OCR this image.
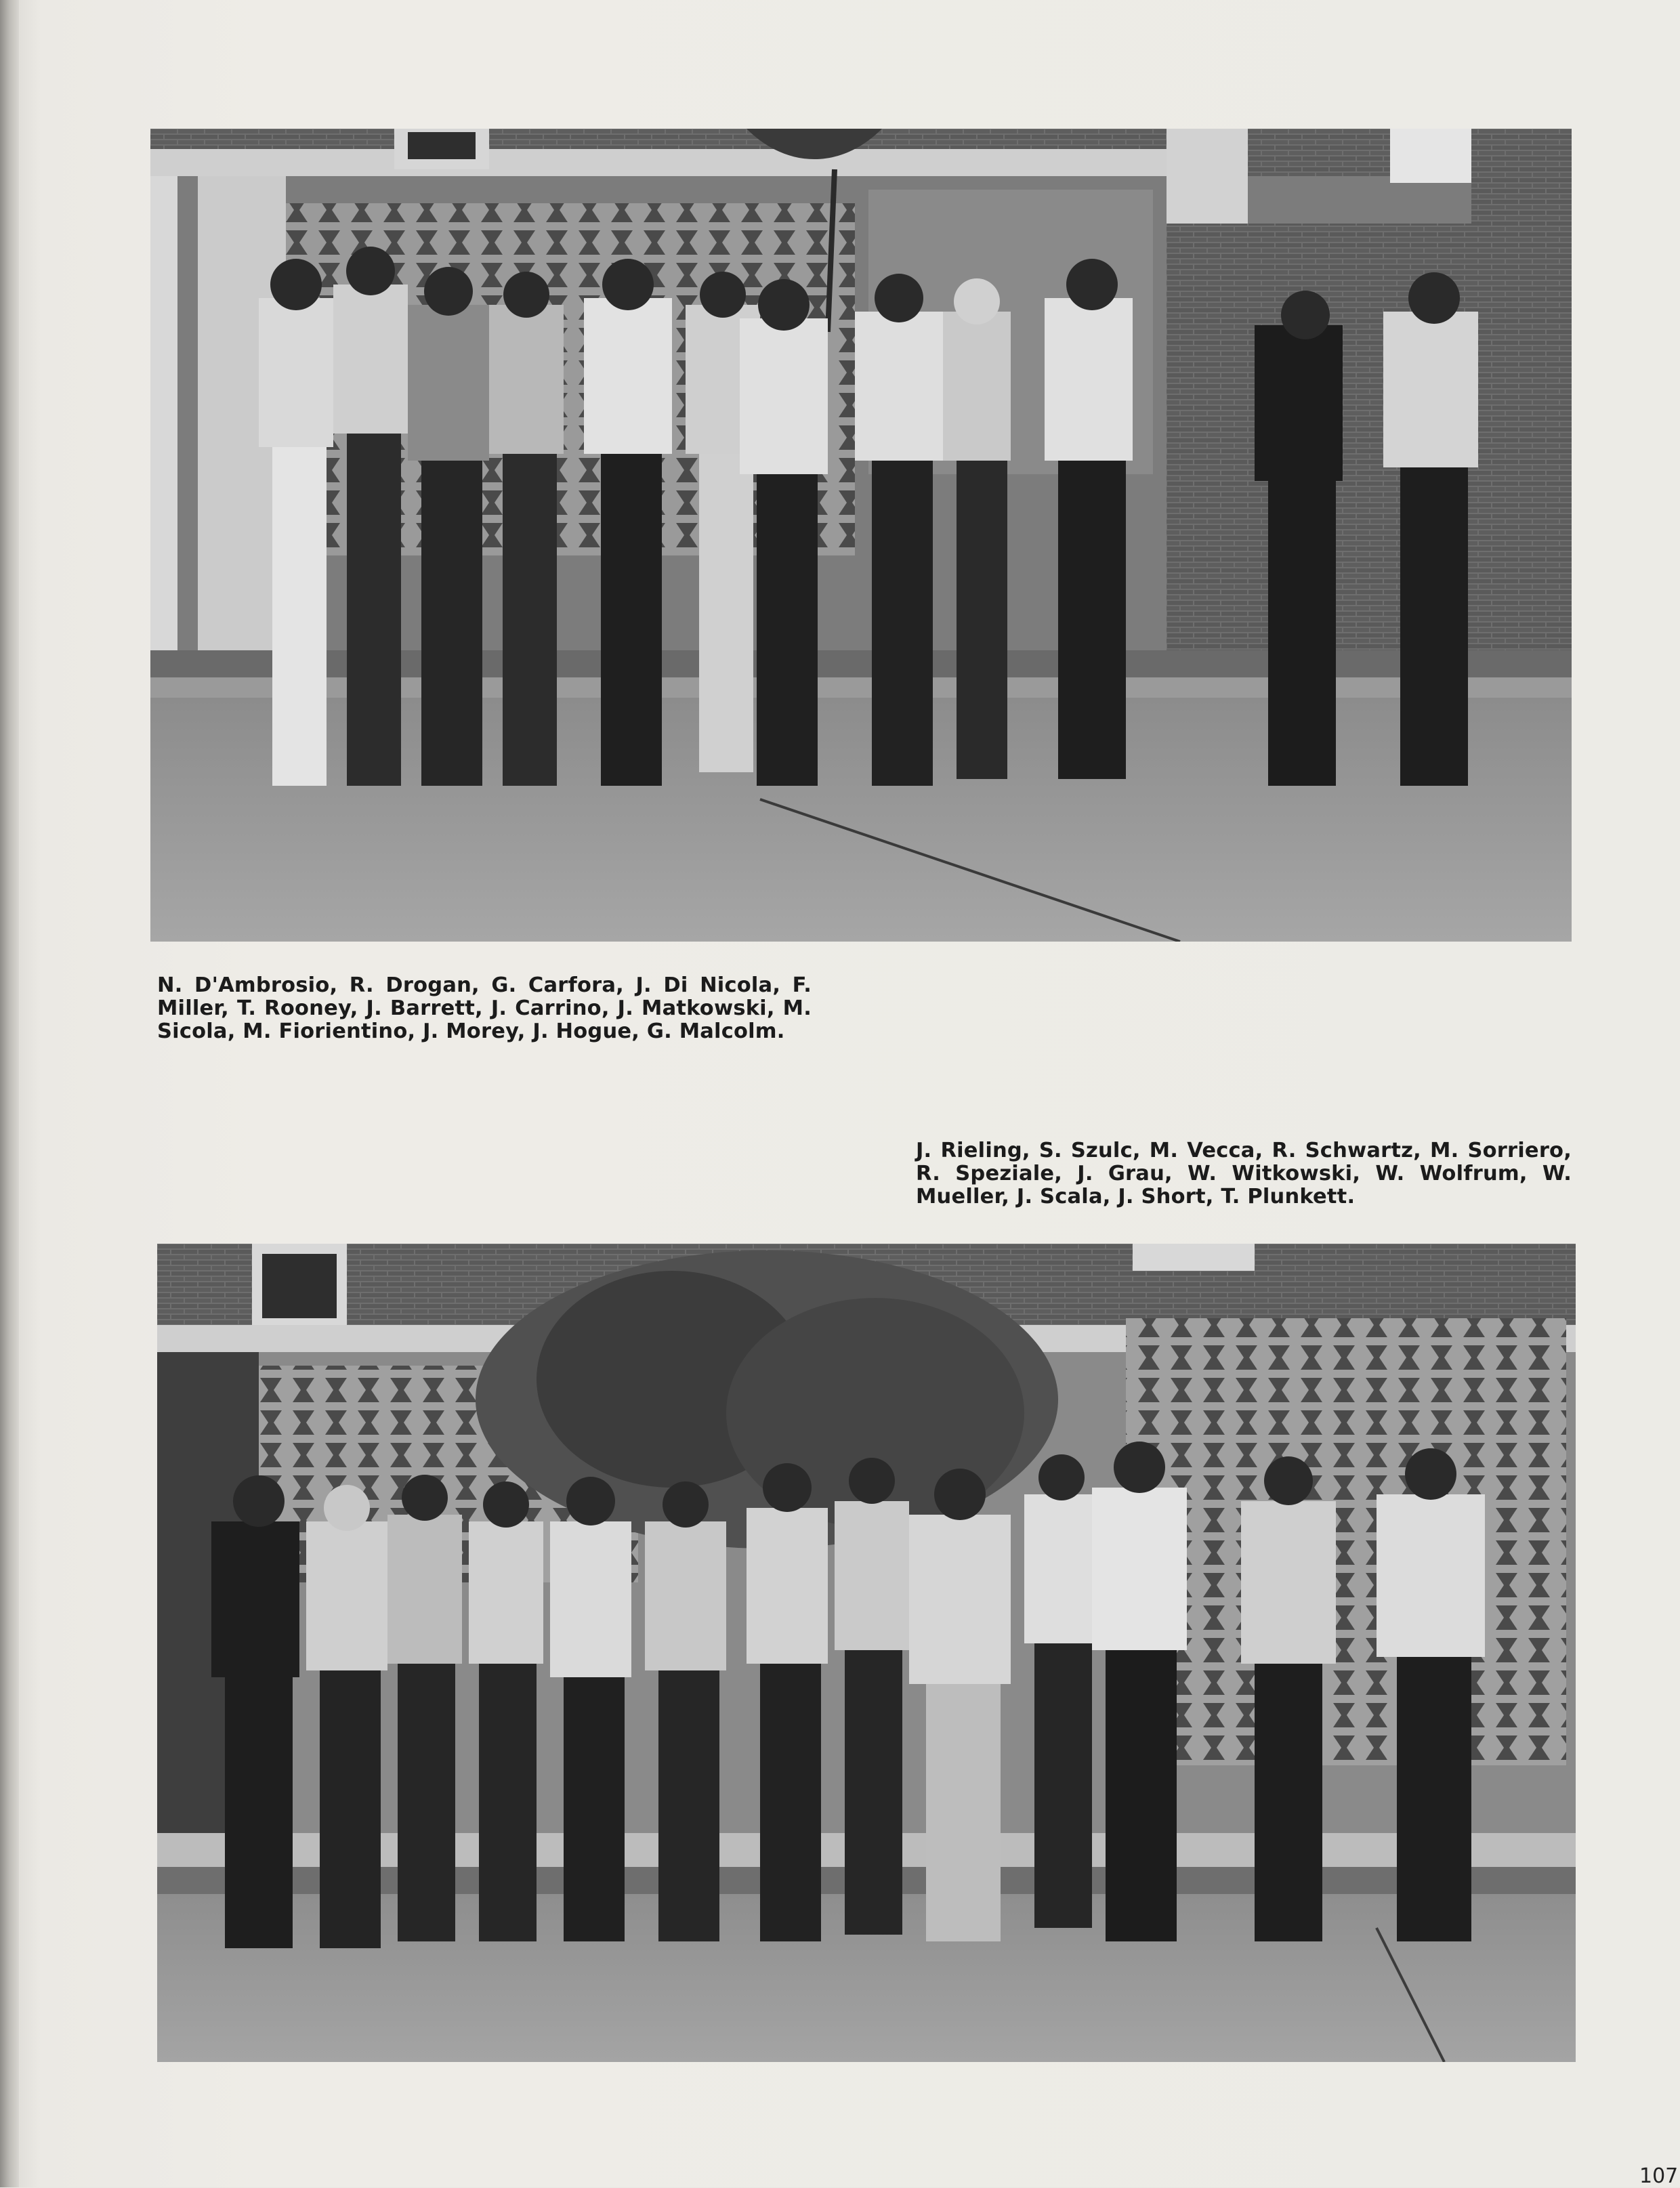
N. D'Ambrosio, R. Drogan, G. Carfora, J. Di Nicola, F. Miller, T. Rooney, J. Barrett, J. Carrino, J. Matkowski, M. Sicola, M. Fiorientino, J. Morey, J. Hogue, G. Malcolm.
J. Rieling, S. Szulc, M. Vecca, R. Schwartz, M. Sorriero, R. Speziale, J. Grau, W. Witkowski, W. Wolfrum, W. Mueller, J. Scala, J. Short, T. Plunkett.
107
